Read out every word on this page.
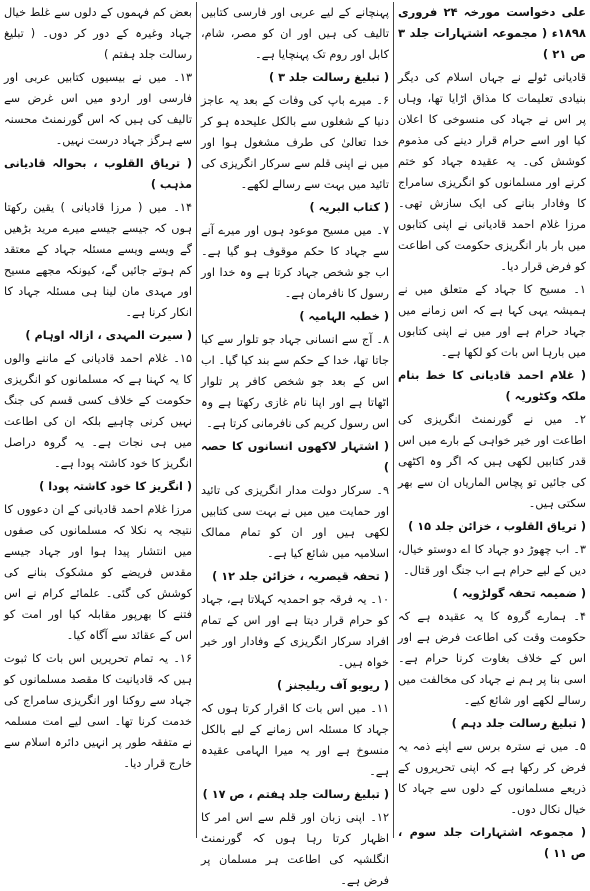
علی دخواست مورخہ ۲۴ فروری ۱۸۹۸ء ( مجموعہ اشتہارات جلد ۳ ص ۲۱ )

قادیانی ٹولے نے جہاں اسلام کی دیگر بنیادی تعلیمات کا مذاق اڑایا تھا، وہاں پر اس نے جہاد کی منسوخی کا اعلان کیا اور اسے حرام قرار دینے کی مذموم کوشش کی۔ یہ عقیدہ جہاد کو ختم کرنے اور مسلمانوں کو انگریزی سامراج کا وفادار بنانے کی ایک سازش تھی۔ مرزا غلام احمد قادیانی نے اپنی کتابوں میں بار بار انگریزی حکومت کی اطاعت کو فرض قرار دیا۔

۱۔ مسیح کا جہاد کے متعلق میں نے ہمیشہ یہی کہا ہے کہ اس زمانے میں جہاد حرام ہے اور میں نے اپنی کتابوں میں بارہا اس بات کو لکھا ہے۔

( غلام احمد قادیانی کا خط بنام ملکہ وکٹوریہ )

۲۔ میں نے گورنمنٹ انگریزی کی اطاعت اور خیر خواہی کے بارے میں اس قدر کتابیں لکھی ہیں کہ اگر وہ اکٹھی کی جائیں تو پچاس الماریاں ان سے بھر سکتی ہیں۔

( تریاق القلوب ، خزائن جلد ۱۵ )

۳۔ اب چھوڑ دو جہاد کا اے دوستو خیال، دیں کے لیے حرام ہے اب جنگ اور قتال۔

( ضمیمہ تحفہ گولڑویہ )

۴۔ ہمارے گروہ کا یہ عقیدہ ہے کہ حکومت وقت کی اطاعت فرض ہے اور اس کے خلاف بغاوت کرنا حرام ہے۔ اسی بنا پر ہم نے جہاد کی مخالفت میں رسالے لکھے اور شائع کیے۔

( تبلیغ رسالت جلد دہم )

۵۔ میں نے سترہ برس سے اپنے ذمہ یہ فرض کر رکھا ہے کہ اپنی تحریروں کے ذریعے مسلمانوں کے دلوں سے جہاد کا خیال نکال دوں۔

( مجموعہ اشتہارات جلد سوم ، ص ۱۱ )

پہنچانے کے لیے عربی اور فارسی کتابیں تالیف کی ہیں اور ان کو مصر، شام، کابل اور روم تک پہنچایا ہے۔

( تبلیغ رسالت جلد ۳ )

۶۔ میرے باپ کی وفات کے بعد یہ عاجز دنیا کے شغلوں سے بالکل علیحدہ ہو کر خدا تعالیٰ کی طرف مشغول ہوا اور میں نے اپنی قلم سے سرکار انگریزی کی تائید میں بہت سے رسالے لکھے۔

( کتاب البریہ )

۷۔ میں مسیح موعود ہوں اور میرے آنے سے جہاد کا حکم موقوف ہو گیا ہے۔ اب جو شخص جہاد کرتا ہے وہ خدا اور رسول کا نافرمان ہے۔

( خطبہ الہامیہ )

۸۔ آج سے انسانی جہاد جو تلوار سے کیا جاتا تھا، خدا کے حکم سے بند کیا گیا۔ اب اس کے بعد جو شخص کافر پر تلوار اٹھاتا ہے اور اپنا نام غازی رکھتا ہے وہ اس رسول کریم کی نافرمانی کرتا ہے۔

( اشتہار لاکھوں انسانوں کا حصہ )

۹۔ سرکار دولت مدار انگریزی کی تائید اور حمایت میں میں نے بہت سی کتابیں لکھی ہیں اور ان کو تمام ممالک اسلامیہ میں شائع کیا ہے۔

( تحفہ قیصریہ ، خزائن جلد ۱۲ )

۱۰۔ یہ فرقہ جو احمدیہ کہلاتا ہے، جہاد کو حرام قرار دیتا ہے اور اس کے تمام افراد سرکار انگریزی کے وفادار اور خیر خواہ ہیں۔

( ریویو آف ریلیجنز )

۱۱۔ میں اس بات کا اقرار کرتا ہوں کہ جہاد کا مسئلہ اس زمانے کے لیے بالکل منسوخ ہے اور یہ میرا الہامی عقیدہ ہے۔

( تبلیغ رسالت جلد ہفتم ، ص ۱۷ )

۱۲۔ اپنی زبان اور قلم سے اس امر کا اظہار کرتا رہا ہوں کہ گورنمنٹ انگلشیہ کی اطاعت ہر مسلمان پر فرض ہے۔

بعض کم فہموں کے دلوں سے غلط خیال جہاد وغیرہ کے دور کر دوں۔ ( تبلیغ رسالت جلد ہفتم )

۱۳۔ میں نے بیسیوں کتابیں عربی اور فارسی اور اردو میں اس غرض سے تالیف کی ہیں کہ اس گورنمنٹ محسنہ سے ہرگز جہاد درست نہیں۔

( تریاق القلوب ، بحوالہ قادیانی مذہب )

۱۴۔ میں ( مرزا قادیانی ) یقین رکھتا ہوں کہ جیسے جیسے میرے مرید بڑھیں گے ویسے ویسے مسئلہ جہاد کے معتقد کم ہوتے جائیں گے، کیونکہ مجھے مسیح اور مہدی مان لینا ہی مسئلہ جہاد کا انکار کرنا ہے۔

( سیرت المہدی ، ازالہ اوہام )

۱۵۔ غلام احمد قادیانی کے ماننے والوں کا یہ کہنا ہے کہ مسلمانوں کو انگریزی حکومت کے خلاف کسی قسم کی جنگ نہیں کرنی چاہیے بلکہ ان کی اطاعت میں ہی نجات ہے۔ یہ گروہ دراصل انگریز کا خود کاشتہ پودا ہے۔

( انگریز کا خود کاشتہ پودا )

مرزا غلام احمد قادیانی کے ان دعووں کا نتیجہ یہ نکلا کہ مسلمانوں کی صفوں میں انتشار پیدا ہوا اور جہاد جیسے مقدس فریضے کو مشکوک بنانے کی کوشش کی گئی۔ علمائے کرام نے اس فتنے کا بھرپور مقابلہ کیا اور امت کو اس کے عقائد سے آگاہ کیا۔

۱۶۔ یہ تمام تحریریں اس بات کا ثبوت ہیں کہ قادیانیت کا مقصد مسلمانوں کو جہاد سے روکنا اور انگریزی سامراج کی خدمت کرنا تھا۔ اسی لیے امت مسلمہ نے متفقہ طور پر انہیں دائرہ اسلام سے خارج قرار دیا۔
